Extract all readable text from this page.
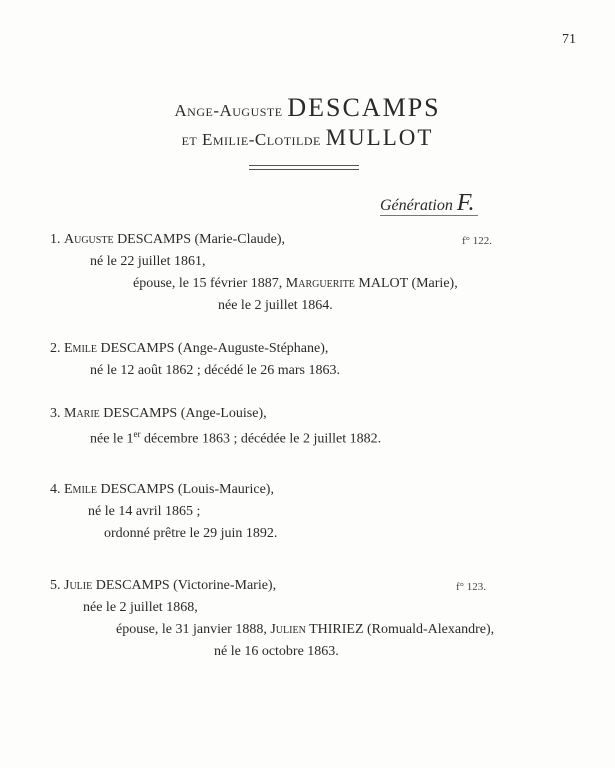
71
Ange-Auguste DESCAMPS
et Emilie-Clotilde MULLOT
Génération F.
1. Auguste DESCAMPS (Marie-Claude),	f° 122.
né le 22 juillet 1861,
épouse, le 15 février 1887, Marguerite MALOT (Marie),
née le 2 juillet 1864.
2. Emile DESCAMPS (Ange-Auguste-Stéphane),
né le 12 août 1862 ; décédé le 26 mars 1863.
3. Marie DESCAMPS (Ange-Louise),
née le 1er décembre 1863 ; décédée le 2 juillet 1882.
4. Emile DESCAMPS (Louis-Maurice),
né le 14 avril 1865 ;
ordonné prêtre le 29 juin 1892.
5. Julie DESCAMPS (Victorine-Marie),	f° 123.
née le 2 juillet 1868,
épouse, le 31 janvier 1888, Julien THIRIEZ (Romuald-Alexandre),
né le 16 octobre 1863.
